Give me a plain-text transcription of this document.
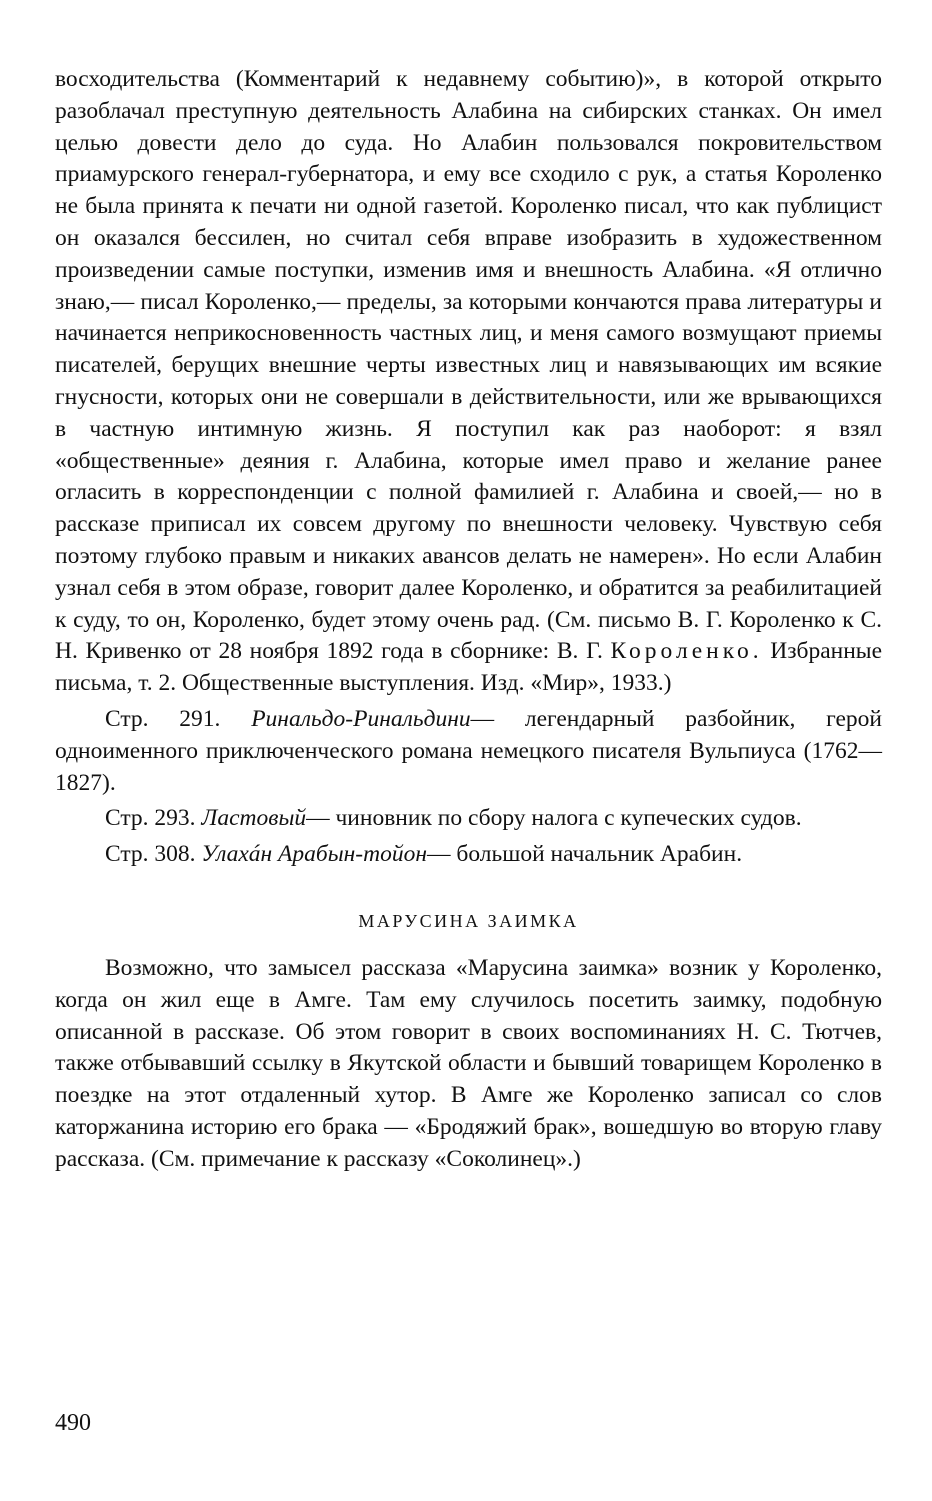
восходительства (Комментарий к недавнему событию)», в которой открыто разоблачал преступную деятельность Алабина на сибирских станках. Он имел целью довести дело до суда. Но Алабин пользовался покровительством приамурского генерал-губернатора, и ему все сходило с рук, а статья Короленко не была принята к печати ни одной газетой. Короленко писал, что как публицист он оказался бессилен, но считал себя вправе изобразить в художественном произведении самые поступки, изменив имя и внешность Алабина. «Я отлично знаю,— писал Короленко,— пределы, за которыми кончаются права литературы и начинается неприкосновенность частных лиц, и меня самого возмущают приемы писателей, берущих внешние черты известных лиц и навязывающих им всякие гнусности, которых они не совершали в действительности, или же врывающихся в частную интимную жизнь. Я поступил как раз наоборот: я взял «общественные» деяния г. Алабина, которые имел право и желание ранее огласить в корреспонденции с полной фамилией г. Алабина и своей,— но в рассказе приписал их совсем другому по внешности человеку. Чувствую себя поэтому глубоко правым и никаких авансов делать не намерен». Но если Алабин узнал себя в этом образе, говорит далее Короленко, и обратится за реабилитацией к суду, то он, Короленко, будет этому очень рад. (См. письмо В. Г. Короленко к С. Н. Кривенко от 28 ноября 1892 года в сборнике: В. Г. Короленко. Избранные письма, т. 2. Общественные выступления. Изд. «Мир», 1933.)

Стр. 291. Ринальдо-Ринальдини— легендарный разбойник, герой одноименного приключенческого романа немецкого писателя Вульпиуса (1762—1827).

Стр. 293. Ластовый— чиновник по сбору налога с купеческих судов.

Стр. 308. Улахáн Арабын-тойон— большой начальник Арабин.

МАРУСИНА ЗАИМКА

Возможно, что замысел рассказа «Марусина заимка» возник у Короленко, когда он жил еще в Амге. Там ему случилось посетить заимку, подобную описанной в рассказе. Об этом говорит в своих воспоминаниях Н. С. Тютчев, также отбывавший ссылку в Якутской области и бывший товарищем Короленко в поездке на этот отдаленный хутор. В Амге же Короленко записал со слов каторжанина историю его брака — «Бродяжий брак», вошедшую во вторую главу рассказа. (См. примечание к рассказу «Соколинец».)

490
